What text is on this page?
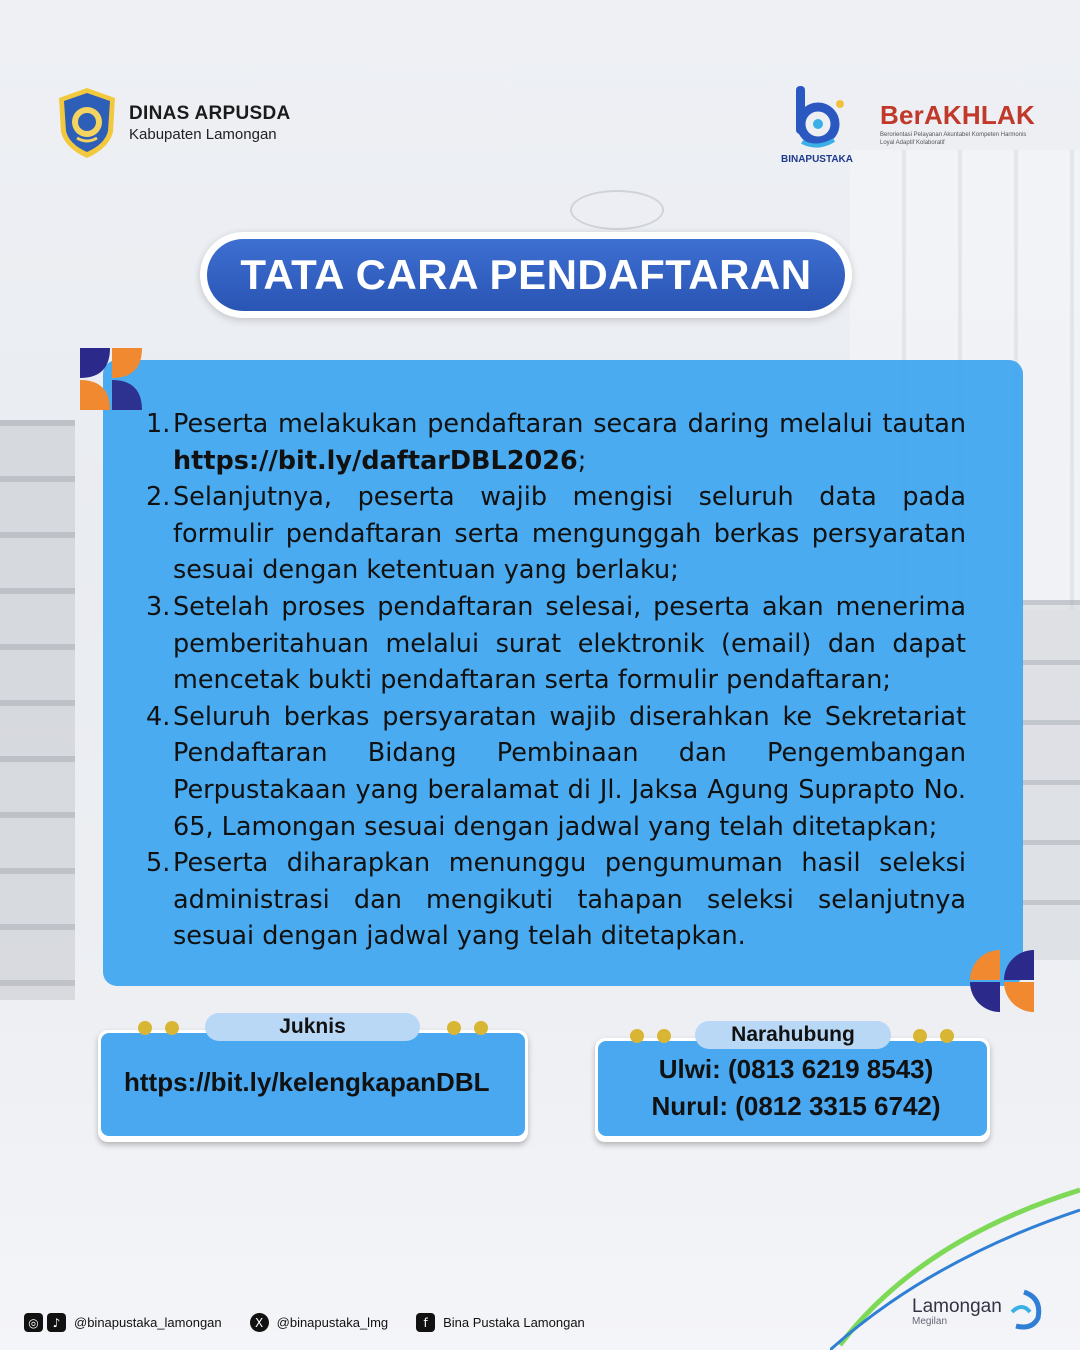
DINAS ARPUSDA
Kabupaten Lamongan
BINAPUSTAKA
BerAKHLAK
Berorientasi Pelayanan Akuntabel Kompeten Harmonis Loyal Adaptif Kolaboratif
TATA CARA PENDAFTARAN
1. Peserta melakukan pendaftaran secara daring melalui tautan https://bit.ly/daftarDBL2026;
2. Selanjutnya, peserta wajib mengisi seluruh data pada formulir pendaftaran serta mengunggah berkas persyaratan sesuai dengan ketentuan yang berlaku;
3. Setelah proses pendaftaran selesai, peserta akan menerima pemberitahuan melalui surat elektronik (email) dan dapat mencetak bukti pendaftaran serta formulir pendaftaran;
4. Seluruh berkas persyaratan wajib diserahkan ke Sekretariat Pendaftaran Bidang Pembinaan dan Pengembangan Perpustakaan yang beralamat di Jl. Jaksa Agung Suprapto No. 65, Lamongan sesuai dengan jadwal yang telah ditetapkan;
5. Peserta diharapkan menunggu pengumuman hasil seleksi administrasi dan mengikuti tahapan seleksi selanjutnya sesuai dengan jadwal yang telah ditetapkan.
Juknis
https://bit.ly/kelengkapanDBL
Narahubung
Ulwi: (0813 6219 8543)
Nurul: (0812 3315 6742)
◎	♪	@binapustaka_lamongan	X	@binapustaka_lmg	f	Bina Pustaka Lamongan
Lamongan
Megilan
